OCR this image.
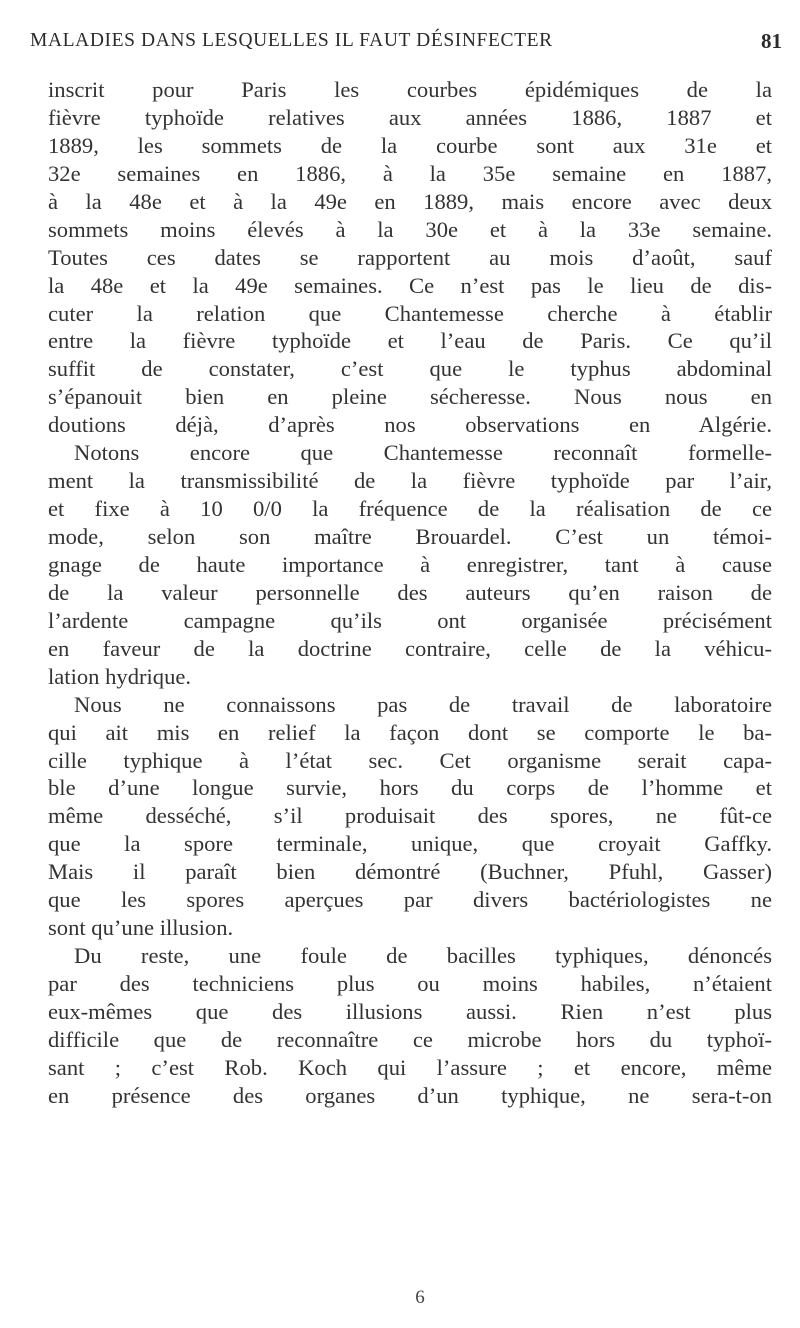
MALADIES DANS LESQUELLES IL FAUT DÉSINFECTER	81
inscrit pour Paris les courbes épidémiques de la
fièvre typhoïde relatives aux années 1886, 1887 et
1889, les sommets de la courbe sont aux 31e et
32e semaines en 1886, à la 35e semaine en 1887,
à la 48e et à la 49e en 1889, mais encore avec deux
sommets moins élevés à la 30e et à la 33e semaine.
Toutes ces dates se rapportent au mois d’août, sauf
la 48e et la 49e semaines. Ce n’est pas le lieu de dis-
cuter la relation que Chantemesse cherche à établir
entre la fièvre typhoïde et l’eau de Paris. Ce qu’il
suffit de constater, c’est que le typhus abdominal
s’épanouit bien en pleine sécheresse. Nous nous en
doutions déjà, d’après nos observations en Algérie.
Notons encore que Chantemesse reconnaît formelle-
ment la transmissibilité de la fièvre typhoïde par l’air,
et fixe à 10 0/0 la fréquence de la réalisation de ce
mode, selon son maître Brouardel. C’est un témoi-
gnage de haute importance à enregistrer, tant à cause
de la valeur personnelle des auteurs qu’en raison de
l’ardente campagne qu’ils ont organisée précisément
en faveur de la doctrine contraire, celle de la véhicu-
lation hydrique.
Nous ne connaissons pas de travail de laboratoire
qui ait mis en relief la façon dont se comporte le ba-
cille typhique à l’état sec. Cet organisme serait capa-
ble d’une longue survie, hors du corps de l’homme et
même desséché, s’il produisait des spores, ne fût-ce
que la spore terminale, unique, que croyait Gaffky.
Mais il paraît bien démontré (Buchner, Pfuhl, Gasser)
que les spores aperçues par divers bactériologistes ne
sont qu’une illusion.
Du reste, une foule de bacilles typhiques, dénoncés
par des techniciens plus ou moins habiles, n’étaient
eux-mêmes que des illusions aussi. Rien n’est plus
difficile que de reconnaître ce microbe hors du typhoï-
sant ; c’est Rob. Koch qui l’assure ; et encore, même
en présence des organes d’un typhique, ne sera-t-on
6
